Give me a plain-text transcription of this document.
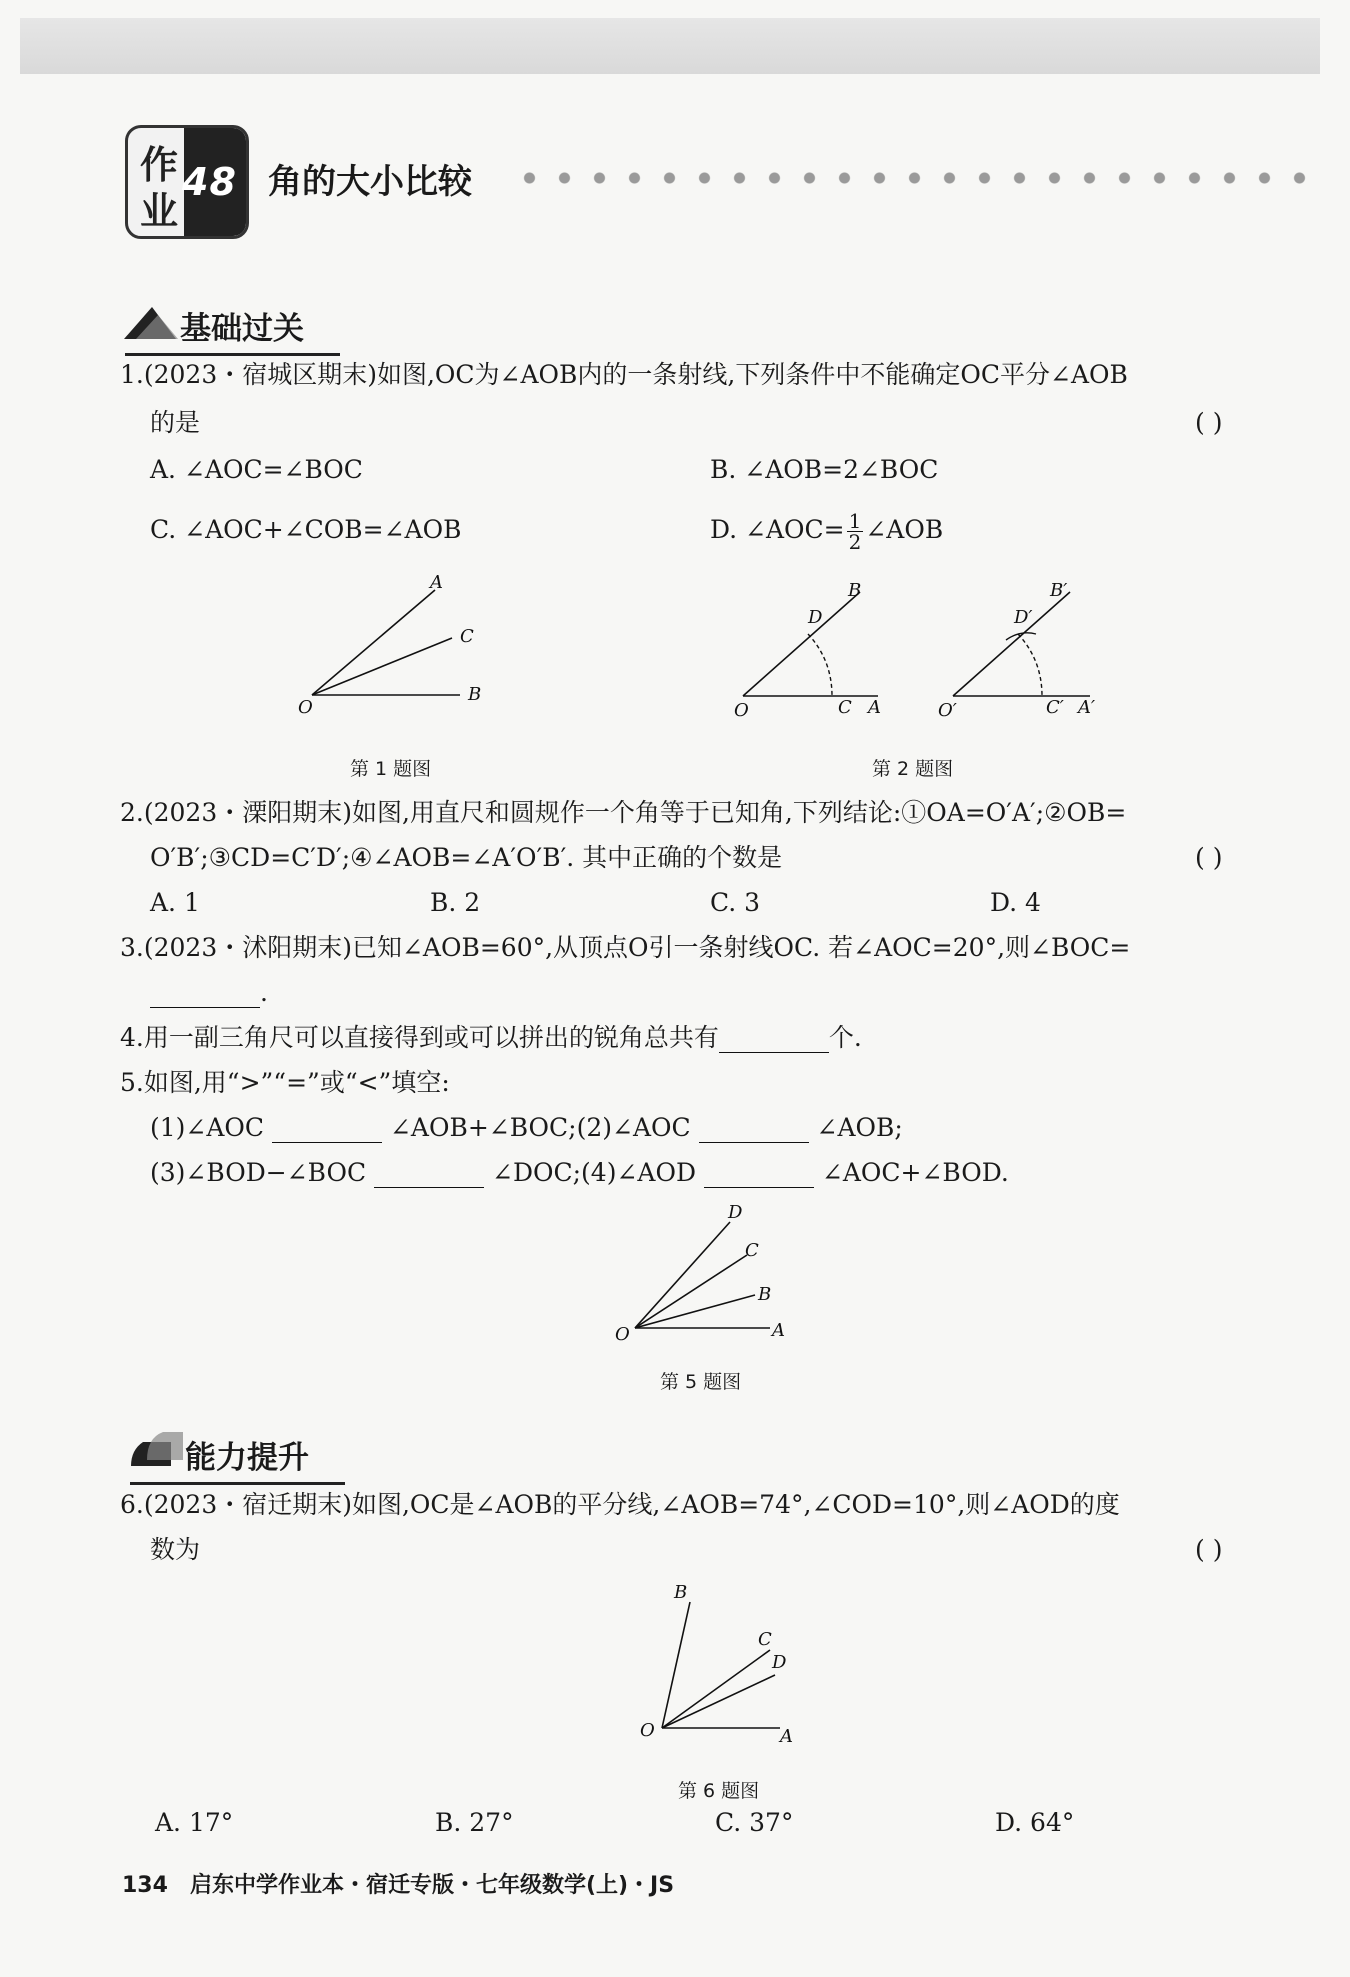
作
业
48 角的大小比较
基础过关
1.(2023・宿城区期末)如图,OC为∠AOB内的一条射线,下列条件中不能确定OC平分∠AOB
的是	( )
A. ∠AOC=∠BOC	B. ∠AOB=2∠BOC
C. ∠AOC+∠COB=∠AOB	D. ∠AOC= $\frac{1}{2}$ ∠AOB
A
C
B
O
第 1 题图
B
D
O	C A
B′
D′
O′	C′ A′
第 2 题图
2.(2023・溧阳期末)如图,用直尺和圆规作一个角等于已知角,下列结论:①OA=O′A′;②OB=
O′B′;③CD=C′D′;④∠AOB=∠A′O′B′. 其中正确的个数是	( )
A. 1	B. 2	C. 3	D. 4
3.(2023・沭阳期末)已知∠AOB=60°,从顶点O引一条射线OC. 若∠AOC=20°,则∠BOC=
.
4.用一副三角尺可以直接得到或可以拼出的锐角总共有	个.
5.如图,用“>”“=”或“<”填空:
(1)∠AOC	∠AOB+∠BOC;(2)∠AOC	∠AOB;
(3)∠BOD−∠BOC	∠DOC;(4)∠AOD	∠AOC+∠BOD.
D
C
B
A
O
第 5 题图
能力提升
6.(2023・宿迁期末)如图,OC是∠AOB的平分线,∠AOB=74°,∠COD=10°,则∠AOD的度
数为	( )
B
C
D
A
O
第 6 题图
A. 17°	B. 27°	C. 37°	D. 64°
134 启东中学作业本・宿迁专版・七年级数学(上)・JS
